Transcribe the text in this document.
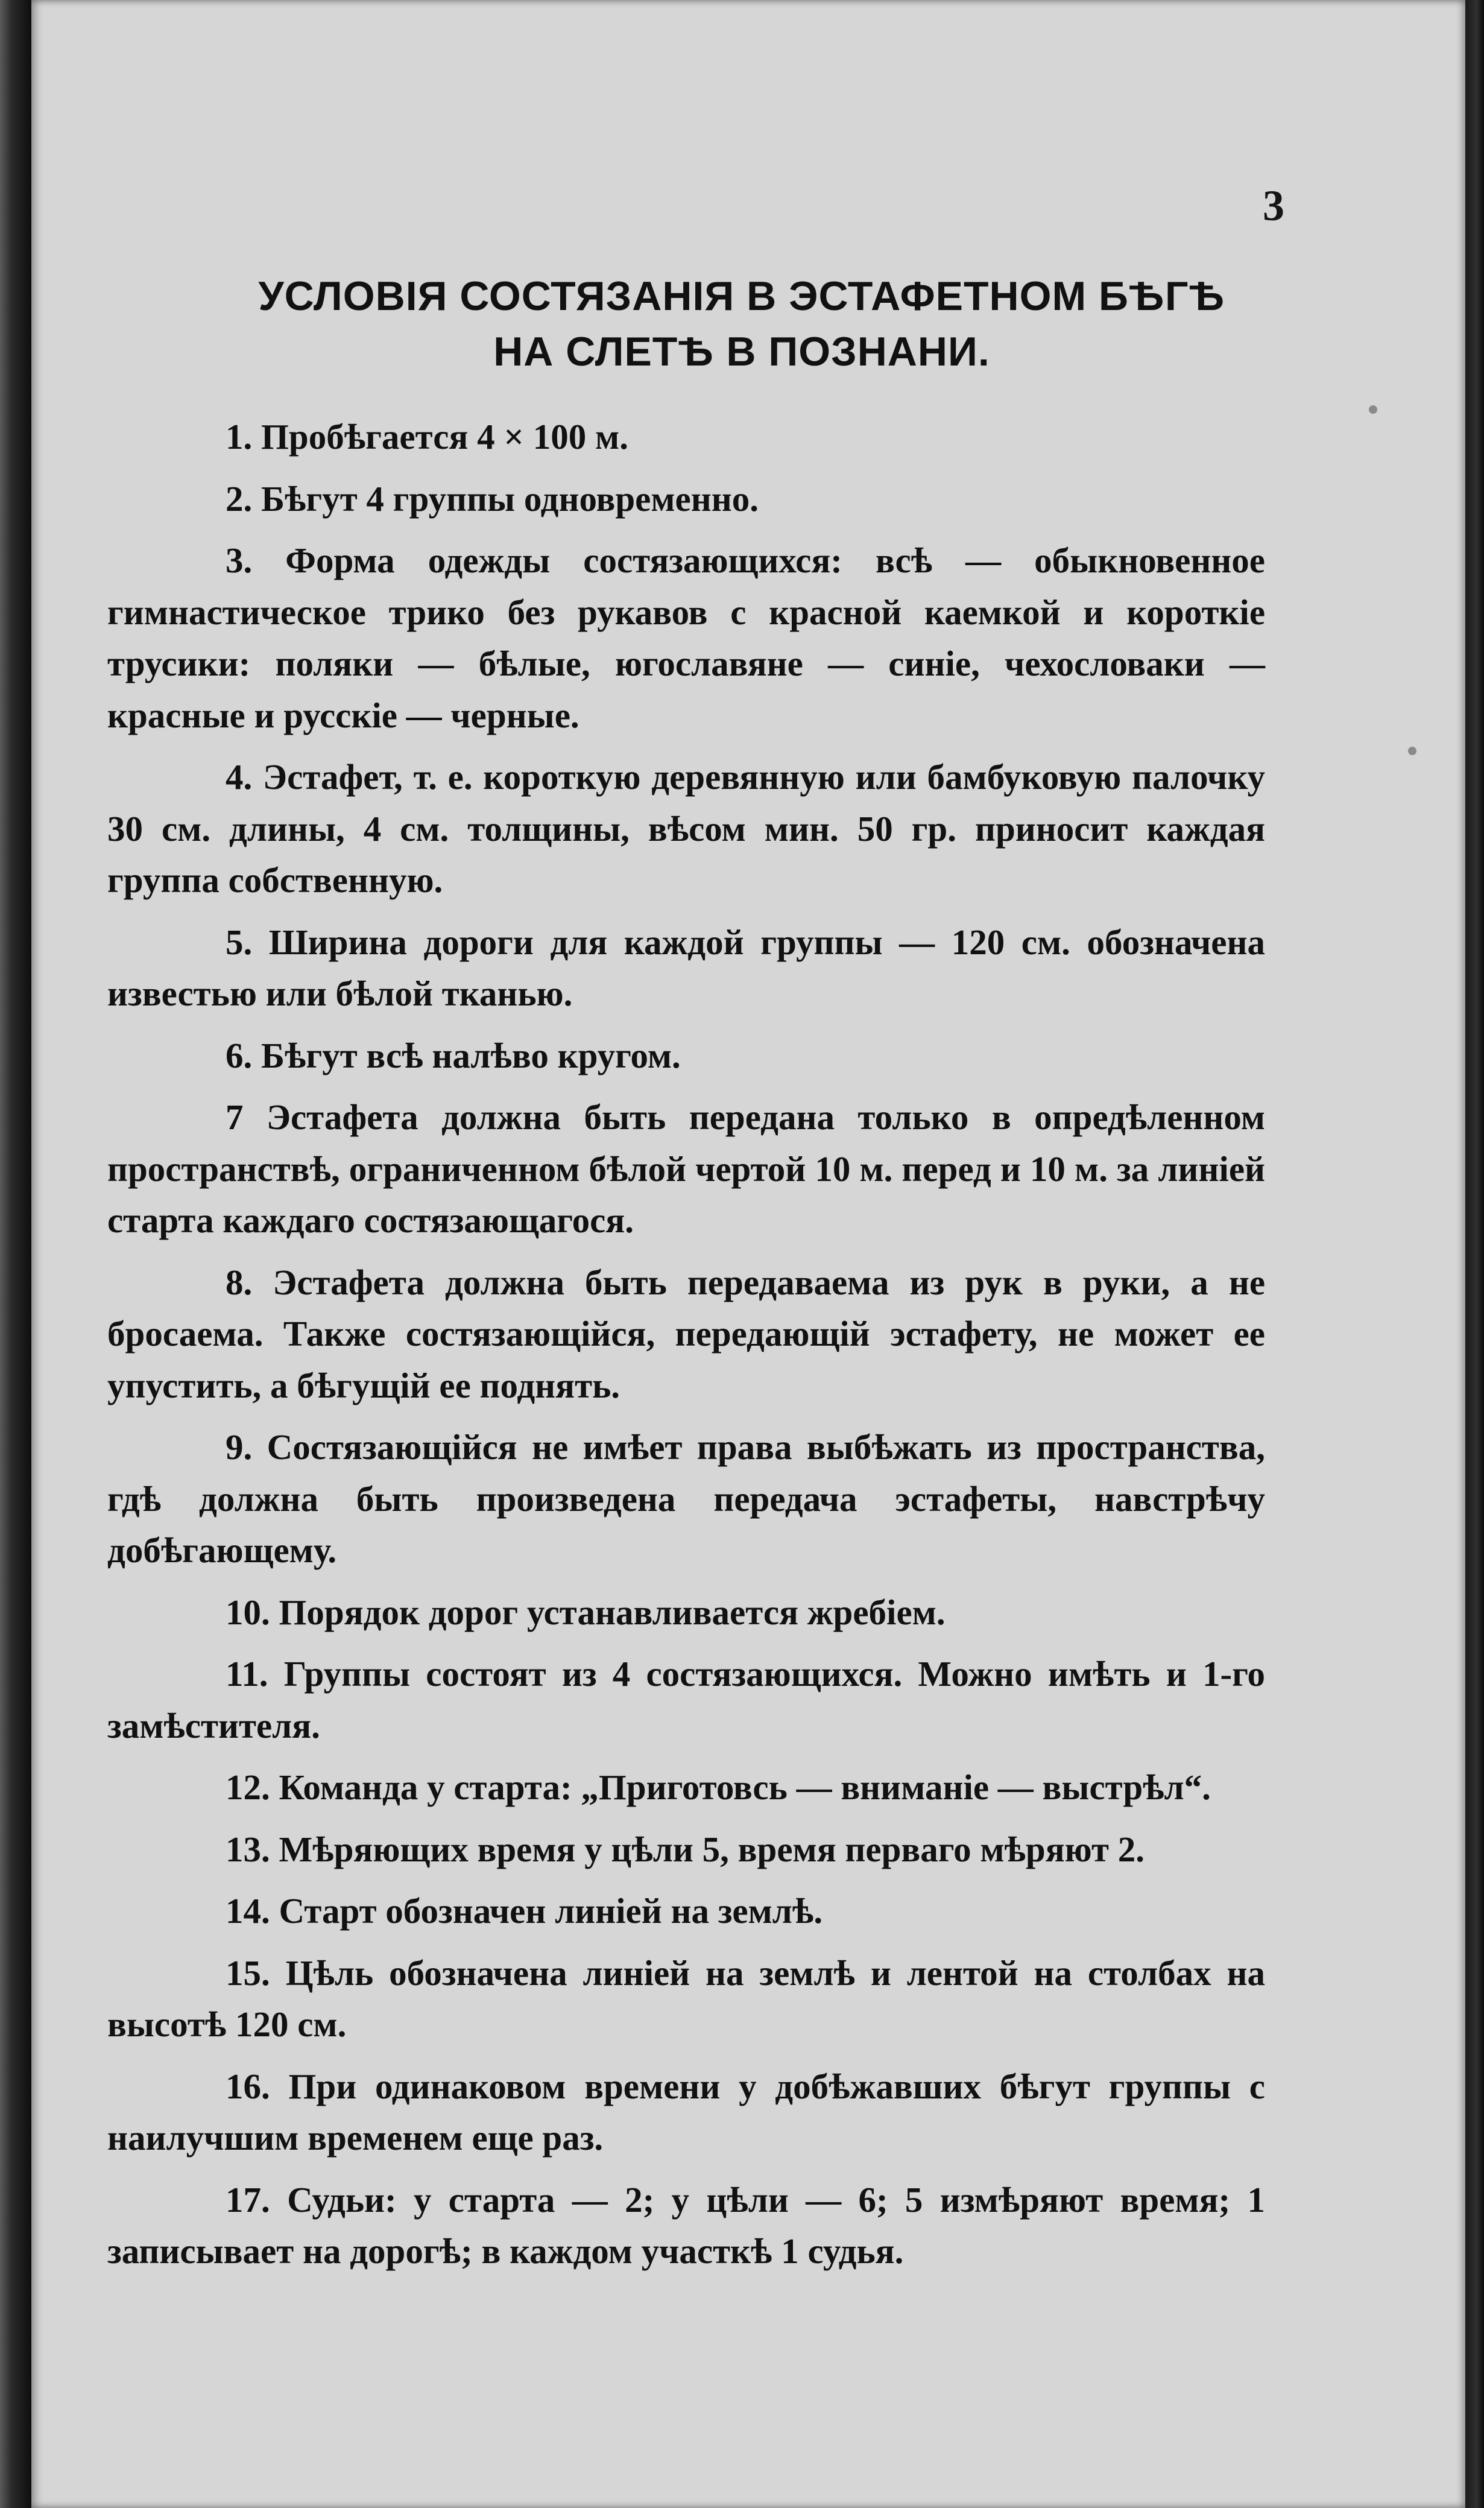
3
УСЛОВІЯ СОСТЯЗАНІЯ В ЭСТАФЕТНОМ БѢГѢ
НА СЛЕТѢ В ПОЗНАНИ.

1. Пробѣгается 4 × 100 м.

2. Бѣгут 4 группы одновременно.

3. Форма одежды состязающихся: всѣ — обыкновенное гимнастическое трико без рукавов с красной каемкой и короткіе трусики: поляки — бѣлые, югославяне — синіе, чехословаки — красные и русскіе — черные.

4. Эстафет, т. е. короткую деревянную или бамбуковую палочку 30 см. длины, 4 см. толщины, вѣсом мин. 50 гр. приносит каждая группа собственную.

5. Ширина дороги для каждой группы — 120 см. обозначена известью или бѣлой тканью.

6. Бѣгут всѣ налѣво кругом.

7 Эстафета должна быть передана только в опредѣленном пространствѣ, ограниченном бѣлой чертой 10 м. перед и 10 м. за линіей старта каждаго состязающагося.

8. Эстафета должна быть передаваема из рук в руки, а не бросаема. Также состязающійся, передающій эстафету, не может ее упустить, а бѣгущій ее поднять.

9. Состязающійся не имѣет права выбѣжать из пространства, гдѣ должна быть произведена передача эстафеты, навстрѣчу добѣгающему.

10. Порядок дорог устанавливается жребіем.

11. Группы состоят из 4 состязающихся. Можно имѣть и 1-го замѣстителя.

12. Команда у старта: „Приготовсь — вниманіе — выстрѣл“.

13. Мѣряющих время у цѣли 5, время перваго мѣряют 2.

14. Старт обозначен линіей на землѣ.

15. Цѣль обозначена линіей на землѣ и лентой на столбах на высотѣ 120 см.

16. При одинаковом времени у добѣжавших бѣгут группы с наилучшим временем еще раз.

17. Судьи: у старта — 2; у цѣли — 6; 5 измѣряют время; 1 записывает на дорогѣ; в каждом участкѣ 1 судья.
